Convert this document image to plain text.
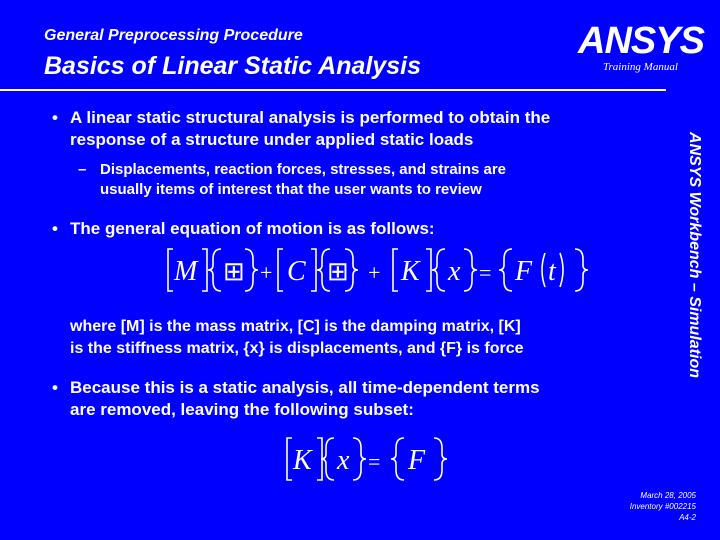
General Preprocessing Procedure
Basics of Linear Static Analysis
ANSYS
Training Manual
ANSYS Workbench – Simulation
• A linear static structural analysis is performed to obtain the
response of a structure under applied static loads
– Displacements, reaction forces, stresses, and strains are
usually items of interest that the user wants to review
• The general equation of motion is as follows:
M ⊞ + C ⊞ + K x = F t
where [M] is the mass matrix, [C] is the damping matrix, [K]
is the stiffness matrix, {x} is displacements, and {F} is force
• Because this is a static analysis, all time-dependent terms
are removed, leaving the following subset:
K x = F
March 28, 2005
Inventory #002215
A4-2
